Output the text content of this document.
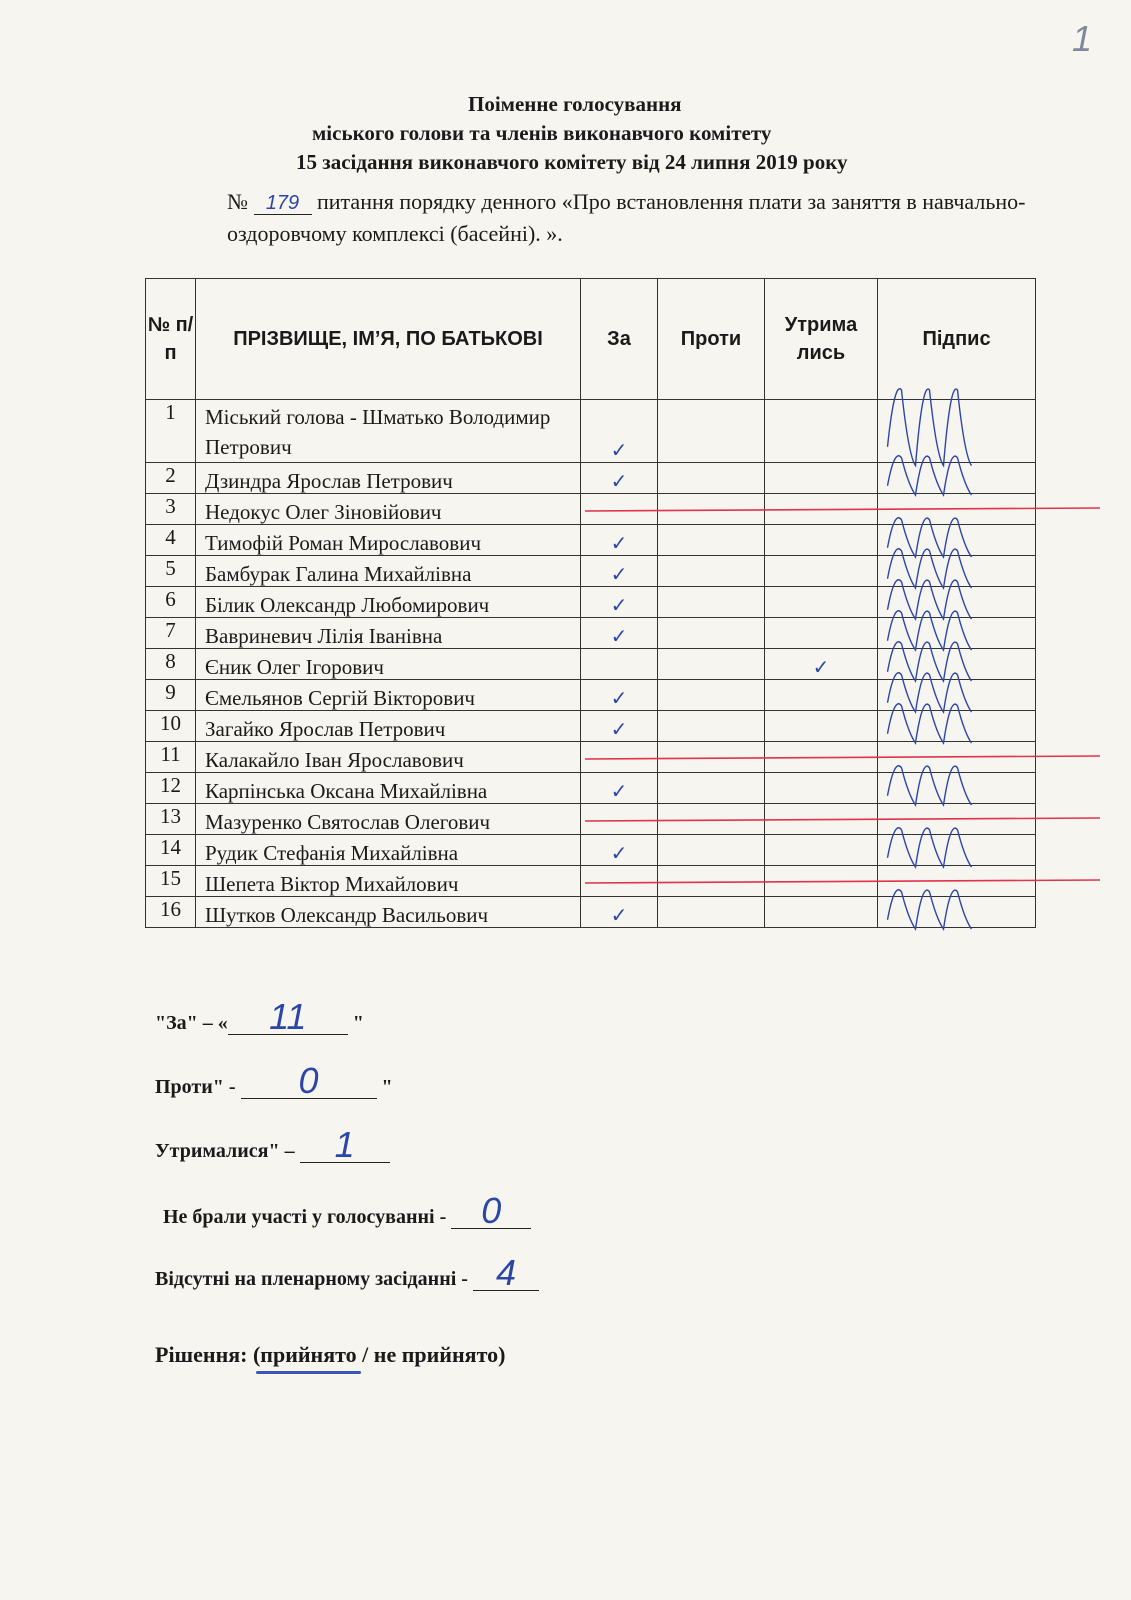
1
Поіменне голосування
міського голови та членів виконавчого комітету
15 засідання виконавчого комітету від 24 липня 2019 року
№ 179 питання порядку денного «Про встановлення плати за заняття в навчально-оздоровчому комплексі (басейні). ».
№ п/п	ПРІЗВИЩЕ, ІМ’Я, ПО БАТЬКОВІ	За	Проти	Утрима лись	Підпис
1	Міський голова - Шматько Володимир Петрович	✓			
2	Дзиндра Ярослав Петрович	✓			
3	Недокус Олег Зіновійович				
4	Тимофій Роман Мирославович	✓			
5	Бамбурак Галина Михайлівна	✓			
6	Білик Олександр Любомирович	✓			
7	Вавриневич Лілія Іванівна	✓			
8	Єник Олег Ігорович			✓	
9	Ємельянов Сергій Вікторович	✓			
10	Загайко Ярослав Петрович	✓			
11	Калакайло Іван Ярославович				
12	Карпінська Оксана Михайлівна	✓			
13	Мазуренко Святослав Олегович				
14	Рудик Стефанія Михайлівна	✓			
15	Шепета Віктор Михайлович				
16	Шутков Олександр Васильович	✓			
"За" – « 11 "
Проти" - 0	"
Утрималися" – 1
Не брали участі у голосуванні - 0
Відсутні на пленарному засіданні - 4
Рішення: (прийнято / не прийнято)
